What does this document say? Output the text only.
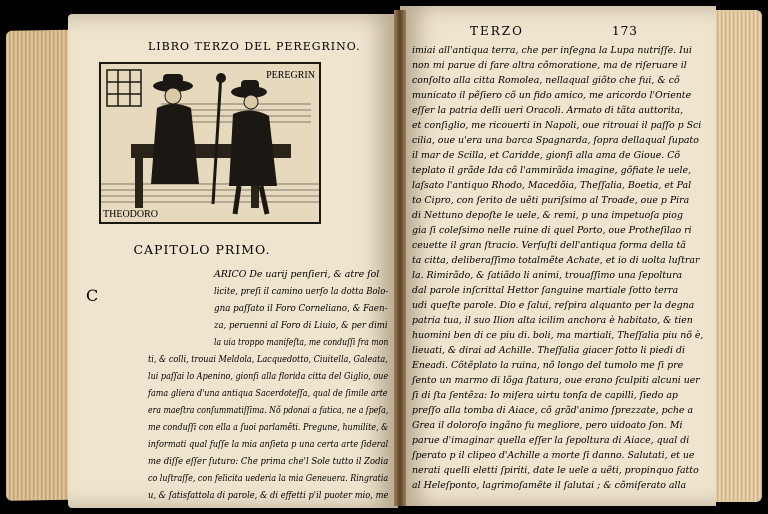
LIBRO TERZO DEL PEREGRINO.
PEREGRIN
THEODORO
CAPITOLO PRIMO.
C
ARICO De uarij penſieri, & atre ſol
licite, preſi il camino uerſo la dotta Bolo-
gna paſſato il Foro Corneliano, & Faen-
za, peruenni al Foro di Liuio, & per dimi
la uia troppo manifeſta, me conduſſi fra mon
ti, & colli, trouai Meldola, Lacquedotto, Ciuitella, Galeata,
lui paſſai lo Apenino, gionſi alla florida citta del Giglio, oue
fama gliera d'una antiqua Sacerdoteſſa, qual de ſimile arte
era maeſtra conſummatiſſima. Nõ pdonai a fatica, ne a ſpeſa,
me conduſſi con ella a ſuoi parlamẽti. Pregune, humilite, &
informati qual fuſſe la mia anſieta p una certa arte ſideral
me diſſe eſſer ſuturo: Che prima che'l Sole tutto il Zodia
co luſtraſſe, con felicita uederia la mia Geneuera. Ringratia
u, & ſatisfattola di parole, & di effetti p'il puoter mio, me
TERZO	173
imiai all'antiqua terra, che per inſegna la Lupa nutriſſe. Iui
non mi parue di fare altra cõmoratione, ma de riſeruare il
conſolto alla citta Romolea, nellaqual giõto che fui, & cõ
municato il pẽſiero cõ un fido amico, me aricordo l'Oriente
eſſer la patria delli ueri Oracoli. Armato di tãta auttorita,
et conſiglio, me ricouerti in Napoli, oue ritrouai il paſſo p Sci
cilia, oue u'era una barca Spagnarda, ſopra dellaqual ſupato
il mar de Scilla, et Caridde, gionſi alla ama de Gioue. Cõ
teplato il grãde Ida cõ l'ammirãda imagine, gõfiate le uele,
laſsato l'antiquo Rhodo, Macedõia, Theſſalia, Boetia, et Pal
to Cipro, con ſerito de uẽti puriſsimo al Troade, oue p Pira
di Nettuno depoſte le uele, & remi, p una impetuoſa piog
gia ſi coleſsimo nelle ruine di quel Porto, oue Protheſilao ri
ceuette il gran ſtracio. Verſuſti dell'antiqua forma della tã
ta citta, deliberaſſimo totalmẽte Achate, et io di uolta luſtrar
la. Rimirãdo, & ſatiãdo li animi, trouaſſimo una ſepoltura
dal parole inſcrittal Hettor ſanguine martiale ſotto terra
udi queſte parole. Dio e ſalui, reſpira alquanto per la degna
patria tua, il suo Ilion alta icilim anchora è habitato, & tien
huomini ben di ce piu di. boli, ma martiali, Theſſalia piu nõ è,
lieuati, & dirai ad Achille. Theſſalia giacer ſotto li piedi di
Eneadi. Cõtẽplato la ruina, nõ longo del tumolo me ſi pre
ſento un marmo di lõga ſtatura, oue erano ſculpiti alcuni uer
ſi di ſta ſentẽza: Io miſera uirtu tonſa de capilli, ſiedo ap
preſſo alla tomba di Aiace, cõ grãd'animo ſprezzate, pche a
Grea il doloroſo ingãno fu megliore, pero uidoato ſon. Mi
parue d'imaginar quella eſſer la ſepoltura di Aiace, qual di
ſperato p il clipeo d'Achille a morte ſi danno. Salutati, et ue
nerati quelli eletti ſpiriti, date le uele a uẽti, propinquo fatto
al Heleſponto, lagrimoſamẽte il ſalutai ; & cõmiſerato alla
